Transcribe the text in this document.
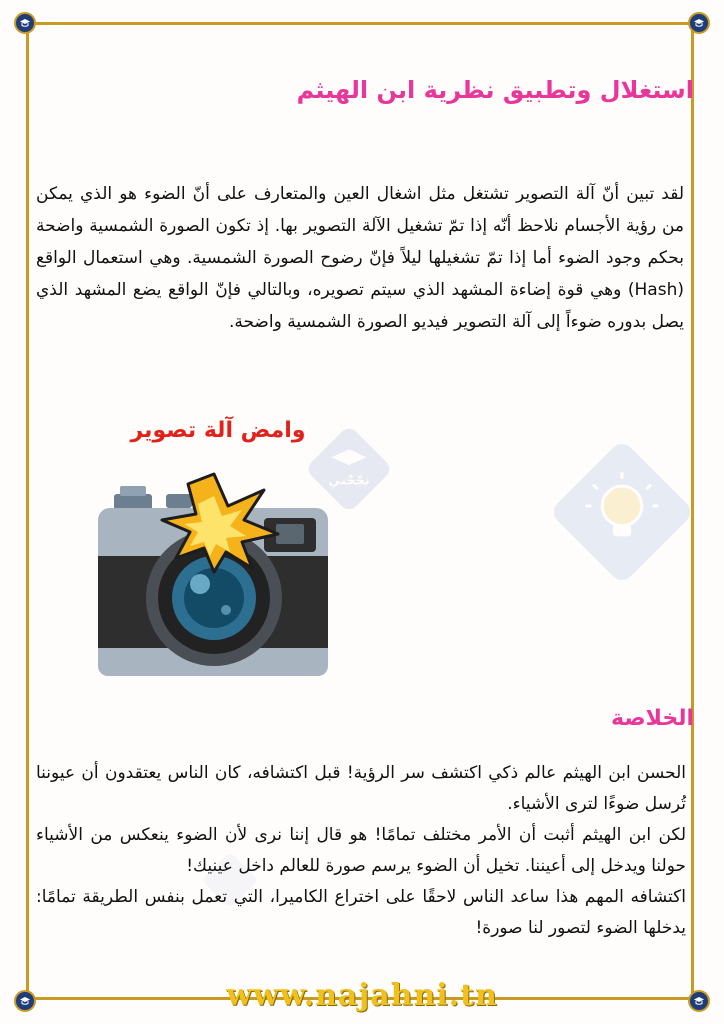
استغلال وتطبيق نظرية ابن الهيثم

لقد تبين أنّ آلة التصوير تشتغل مثل اشغال العين والمتعارف على أنّ الضوء هو الذي يمكن من رؤية الأجسام نلاحظ أنّه إذا تمّ تشغيل الآلة التصوير بها. إذ تكون الصورة الشمسية واضحة بحكم وجود الضوء أما إذا تمّ تشغيلها ليلاً فإنّ رضوح الصورة الشمسية. وهي استعمال الواقع (Hash) وهي قوة إضاءة المشهد الذي سيتم تصويره، وبالتالي فإنّ الواقع يضع المشهد الذي يصل بدوره ضوءاً إلى آلة التصوير فيديو الصورة الشمسية واضحة.

نجّحْني
وامض آلة تصوير
الخلاصة

الحسن ابن الهيثم عالم ذكي اكتشف سر الرؤية! قبل اكتشافه، كان الناس يعتقدون أن عيوننا تُرسل ضوءًا لترى الأشياء.

لكن ابن الهيثم أثبت أن الأمر مختلف تمامًا! هو قال إننا نرى لأن الضوء ينعكس من الأشياء حولنا ويدخل إلى أعيننا. تخيل أن الضوء يرسم صورة للعالم داخل عينيك!

اكتشافه المهم هذا ساعد الناس لاحقًا على اختراع الكاميرا، التي تعمل بنفس الطريقة تمامًا: يدخلها الضوء لتصور لنا صورة!

www.najahni.tn
